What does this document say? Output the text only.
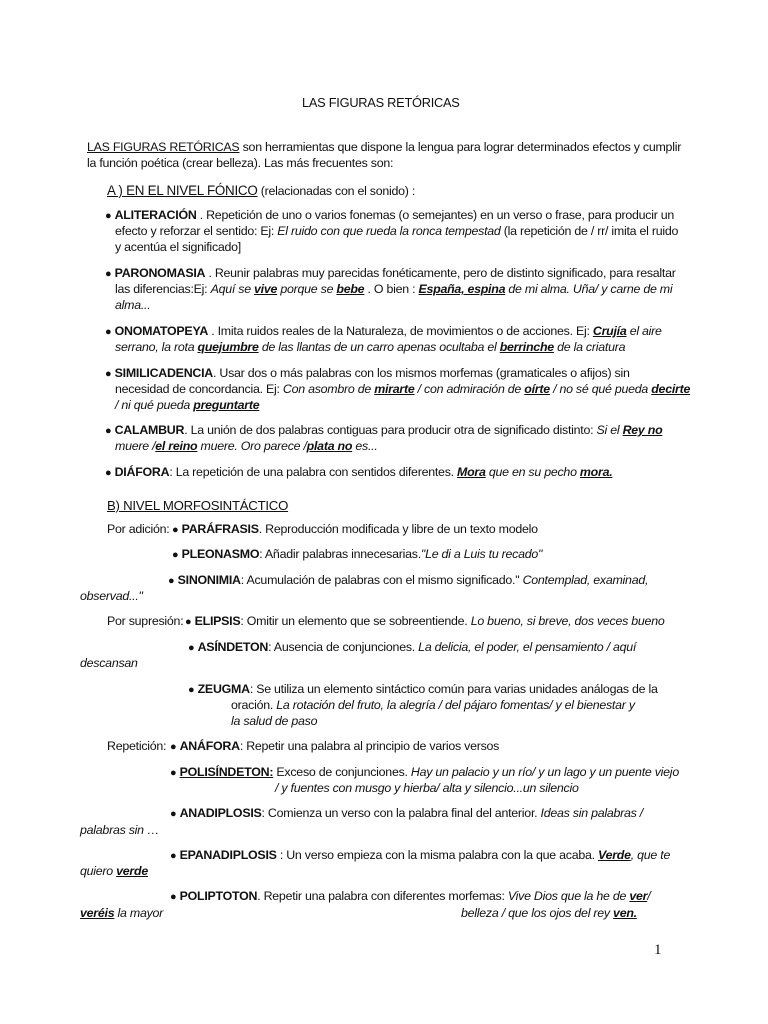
LAS FIGURAS RETÓRICAS
LAS FIGURAS RETÓRICAS son herramientas que dispone la lengua para lograr determinados efectos y cumplir
la función poética (crear belleza). Las más frecuentes son:
A ) EN EL NIVEL FÓNICO (relacionadas con el sonido) :
● ALITERACIÓN . Repetición de uno o varios fonemas (o semejantes) en un verso o frase, para producir un
efecto y reforzar el sentido: Ej: El ruido con que rueda la ronca tempestad (la repetición de / rr/ imita el ruido
y acentúa el significado]
● PARONOMASIA . Reunir palabras muy parecidas fonéticamente, pero de distinto significado, para resaltar
las diferencias:Ej: Aquí se vive porque se bebe . O bien : España, espina de mi alma. Uña/ y carne de mi
alma...
● ONOMATOPEYA . Imita ruidos reales de la Naturaleza, de movimientos o de acciones. Ej: Crujía el aire
serrano, la rota quejumbre de las llantas de un carro apenas ocultaba el berrinche de la criatura
● SIMILICADENCIA. Usar dos o más palabras con los mismos morfemas (gramaticales o afijos) sin
necesidad de concordancia. Ej: Con asombro de mirarte / con admiración de oírte / no sé qué pueda decirte
/ ni qué pueda preguntarte
● CALAMBUR. La unión de dos palabras contiguas para producir otra de significado distinto: Si el Rey no
muere /el reino muere. Oro parece /plata no es...
● DIÁFORA: La repetición de una palabra con sentidos diferentes. Mora que en su pecho mora.
B) NIVEL MORFOSINTÁCTICO
Por adición: ● PARÁFRASIS. Reproducción modificada y libre de un texto modelo
● PLEONASMO: Añadir palabras innecesarias."Le di a Luis tu recado"
● SINONIMIA: Acumulación de palabras con el mismo significado." Contemplad, examinad,
observad..."
Por supresión: ● ELIPSIS: Omitir un elemento que se sobreentiende. Lo bueno, si breve, dos veces bueno
● ASÍNDETON: Ausencia de conjunciones. La delicia, el poder, el pensamiento / aquí
descansan
● ZEUGMA: Se utiliza un elemento sintáctico común para varias unidades análogas de la
oración. La rotación del fruto, la alegría / del pájaro fomentas/ y el bienestar y
la salud de paso
Repetición: ● ANÁFORA: Repetir una palabra al principio de varios versos
● POLISÍNDETON: Exceso de conjunciones. Hay un palacio y un río/ y un lago y un puente viejo
/ y fuentes con musgo y hierba/ alta y silencio...un silencio
● ANADIPLOSIS: Comienza un verso con la palabra final del anterior. Ideas sin palabras /
palabras sin …
● EPANADIPLOSIS : Un verso empieza con la misma palabra con la que acaba. Verde, que te
quiero verde
● POLIPTOTON. Repetir una palabra con diferentes morfemas: Vive Dios que la he de ver/
veréis la mayor	belleza / que los ojos del rey ven.
1
